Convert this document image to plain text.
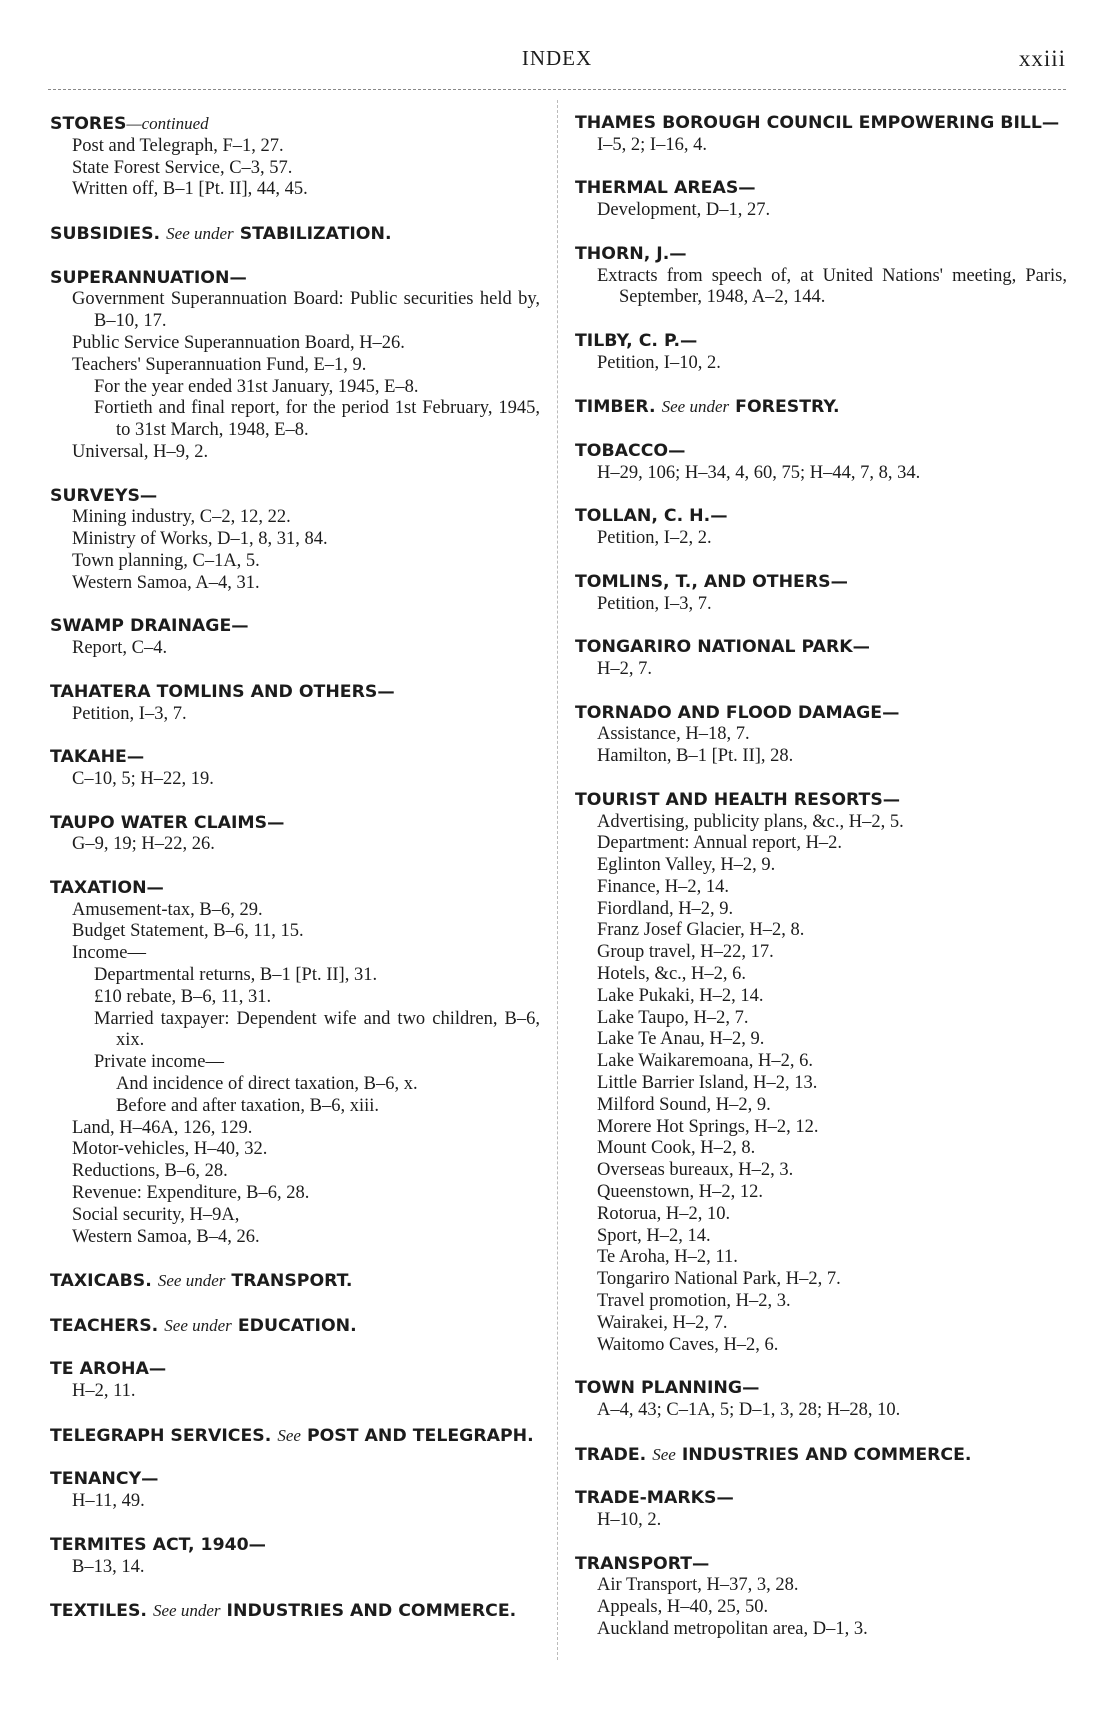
INDEX	xxiii
STORES—continued
Post and Telegraph, F–1, 27.
State Forest Service, C–3, 57.
Written off, B–1 [Pt. II], 44, 45.
SUBSIDIES. See under STABILIZATION.
SUPERANNUATION—
Government Superannuation Board: Public securities held by, B–10, 17.
Public Service Superannuation Board, H–26.
Teachers' Superannuation Fund, E–1, 9.
For the year ended 31st January, 1945, E–8.
Fortieth and final report, for the period 1st February, 1945, to 31st March, 1948, E–8.
Universal, H–9, 2.
SURVEYS—
Mining industry, C–2, 12, 22.
Ministry of Works, D–1, 8, 31, 84.
Town planning, C–1A, 5.
Western Samoa, A–4, 31.
SWAMP DRAINAGE—
Report, C–4.
TAHATERA TOMLINS AND OTHERS—
Petition, I–3, 7.
TAKAHE—
C–10, 5; H–22, 19.
TAUPO WATER CLAIMS—
G–9, 19; H–22, 26.
TAXATION—
Amusement-tax, B–6, 29.
Budget Statement, B–6, 11, 15.
Income—
Departmental returns, B–1 [Pt. II], 31.
£10 rebate, B–6, 11, 31.
Married taxpayer: Dependent wife and two children, B–6, xix.
Private income—
And incidence of direct taxation, B–6, x.
Before and after taxation, B–6, xiii.
Land, H–46A, 126, 129.
Motor-vehicles, H–40, 32.
Reductions, B–6, 28.
Revenue: Expenditure, B–6, 28.
Social security, H–9A,
Western Samoa, B–4, 26.
TAXICABS. See under TRANSPORT.
TEACHERS. See under EDUCATION.
TE AROHA—
H–2, 11.
TELEGRAPH SERVICES. See POST AND TELEGRAPH.
TENANCY—
H–11, 49.
TERMITES ACT, 1940—
B–13, 14.
TEXTILES. See under INDUSTRIES AND COMMERCE.
THAMES BOROUGH COUNCIL EMPOWERING BILL—
I–5, 2; I–16, 4.
THERMAL AREAS—
Development, D–1, 27.
THORN, J.—
Extracts from speech of, at United Nations' meeting, Paris, September, 1948, A–2, 144.
TILBY, C. P.—
Petition, I–10, 2.
TIMBER. See under FORESTRY.
TOBACCO—
H–29, 106; H–34, 4, 60, 75; H–44, 7, 8, 34.
TOLLAN, C. H.—
Petition, I–2, 2.
TOMLINS, T., AND OTHERS—
Petition, I–3, 7.
TONGARIRO NATIONAL PARK—
H–2, 7.
TORNADO AND FLOOD DAMAGE—
Assistance, H–18, 7.
Hamilton, B–1 [Pt. II], 28.
TOURIST AND HEALTH RESORTS—
Advertising, publicity plans, &c., H–2, 5.
Department: Annual report, H–2.
Eglinton Valley, H–2, 9.
Finance, H–2, 14.
Fiordland, H–2, 9.
Franz Josef Glacier, H–2, 8.
Group travel, H–22, 17.
Hotels, &c., H–2, 6.
Lake Pukaki, H–2, 14.
Lake Taupo, H–2, 7.
Lake Te Anau, H–2, 9.
Lake Waikaremoana, H–2, 6.
Little Barrier Island, H–2, 13.
Milford Sound, H–2, 9.
Morere Hot Springs, H–2, 12.
Mount Cook, H–2, 8.
Overseas bureaux, H–2, 3.
Queenstown, H–2, 12.
Rotorua, H–2, 10.
Sport, H–2, 14.
Te Aroha, H–2, 11.
Tongariro National Park, H–2, 7.
Travel promotion, H–2, 3.
Wairakei, H–2, 7.
Waitomo Caves, H–2, 6.
TOWN PLANNING—
A–4, 43; C–1A, 5; D–1, 3, 28; H–28, 10.
TRADE. See INDUSTRIES AND COMMERCE.
TRADE-MARKS—
H–10, 2.
TRANSPORT—
Air Transport, H–37, 3, 28.
Appeals, H–40, 25, 50.
Auckland metropolitan area, D–1, 3.
